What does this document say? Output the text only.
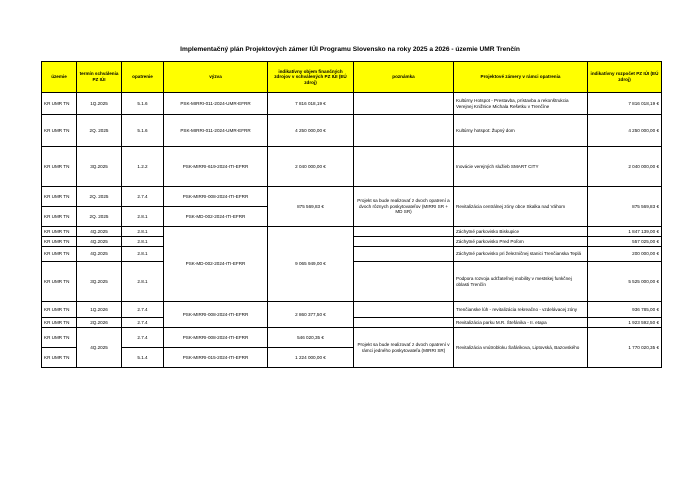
Implementačný plán Projektových zámer IÚI Programu Slovensko na roky 2025 a 2026 - územie UMR Trenčín
územie	termín schválenia PZ IÚI	opatrenie	výzva	indikatívny objem finančných zdrojov v schválených PZ IÚI (EÚ zdroj)	poznámka	Projektové zámery v rámci opatrenia	indikatívny rozpočet PZ IÚI (EÚ zdroj)
KR UMR TN	1Q.2025	5.1.6	PSK-MIRRI-011-2024-UMR-EFRR	7 816 018,19 €		Kultúrny Hotspot - Prestavba, prístavba a rekonštrukcia Verejnej Knižnice Michala Rešetku v Trenčíne	7 816 018,19 €
KR UMR TN	2Q. 2025	5.1.6	PSK-MIRRI-011-2024-UMR-EFRR	4 250 000,00 €		Kultúrny hotspot: Župný dom	4 250 000,00 €
KR UMR TN	3Q.2025	1.2.2	PSK-MIRRI-619-2024-ITI-EFRR	2 040 000,00 €		Inovácie verejných služieb SMART CITY	2 040 000,00 €
KR UMR TN	2Q. 2025	2.7.4	PSK-MIRRI-008-2024-ITI-EFRR	875 569,83 €	Projekt sa bude realizovať z dvoch opatrení a dvoch rôznych poskytovateľov (MIRRI SR + MD SR)	Revitalizácia centrálnej zóny obce Skalka nad Váhom	875 569,83 €
KR UMR TN	2Q. 2025	2.8.1	PSK-MD-002-2024-ITI-EFRR				
KR UMR TN	4Q.2025	2.8.1	PSK-MD-002-2024-ITI-EFRR	9 065 949,00 €		Záchytné parkovisko Biskupice	1 847 139,00 €
KR UMR TN	4Q.2025	2.8.1				Záchytné parkovisko Pred Poľom	557 025,00 €
KR UMR TN	4Q.2025	2.8.1				Záchytné parkovisko pri železničnej stanici Trenčianska Teplá	200 000,00 €
KR UMR TN	3Q.2025	2.8.1				Podpora rozvoja udržateľnej mobility v mestskej funkčnej oblasti Trenčín	5 525 000,00 €
KR UMR TN	1Q.2026	2.7.4	PSK-MIRRI-008-2024-ITI-EFRR	2 860 377,50 €		Trenčianske lúh - revitalizácia rekreačno - vzdelávacej zóny	936 785,00 €
KR UMR TN	2Q.2026	2.7.4				Revitalizácia parku M.R. Štefánika - II. etapa	1 923 592,50 €
KR UMR TN	4Q.2025	2.7.4	PSK-MIRRI-008-2024-ITI-EFRR	546 020,35 €	Projekt sa bude realizovať z dvoch opatrení v rámci jedného poskytovateľa (MIRRI SR)	Revitalizácia vnútrobloku Šafárikova, Liptovská, Bazovského	1 770 020,35 €
KR UMR TN		5.1.4	PSK-MIRRI-015-2024-ITI-EFRR	1 224 000,00 €			
